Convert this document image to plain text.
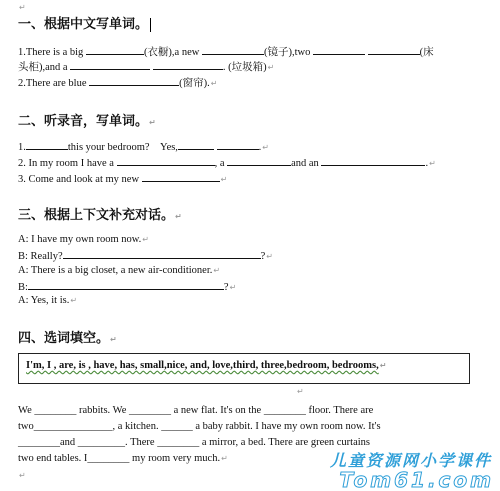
↵
一、根据中文写单词。
1.There is a big	(衣橱),a new	(镜子),two	(床
头柜),and a	. (垃圾箱)↵
2.There are blue	(窗帘).↵
二、听录音，写单词。↵
1.	this your bedroom? Yes,	.↵
2. In my room I have a	, a	and an	.↵
3. Come and look at my new	↵
三、根据上下文补充对话。↵
A: I have my own room now.↵
B: Really?	?↵
A: There is a big closet, a new air-conditioner.↵
B:	?↵
A: Yes, it is.↵
四、选词填空。↵
I'm, I , are, is , have, has, small,nice, and, love,third, three,bedroom, bedrooms,↵
↵
We ________ rabbits. We ________ a new flat. It's on the ________ floor. There are
two_______________, a kitchen. ______ a baby rabbit. I have my own room now. It's
________and _________. There ________ a mirror, a bed. There are green curtains
two end tables. I________ my room very much.↵
↵
儿童资源网小学课件
Tom61.com
